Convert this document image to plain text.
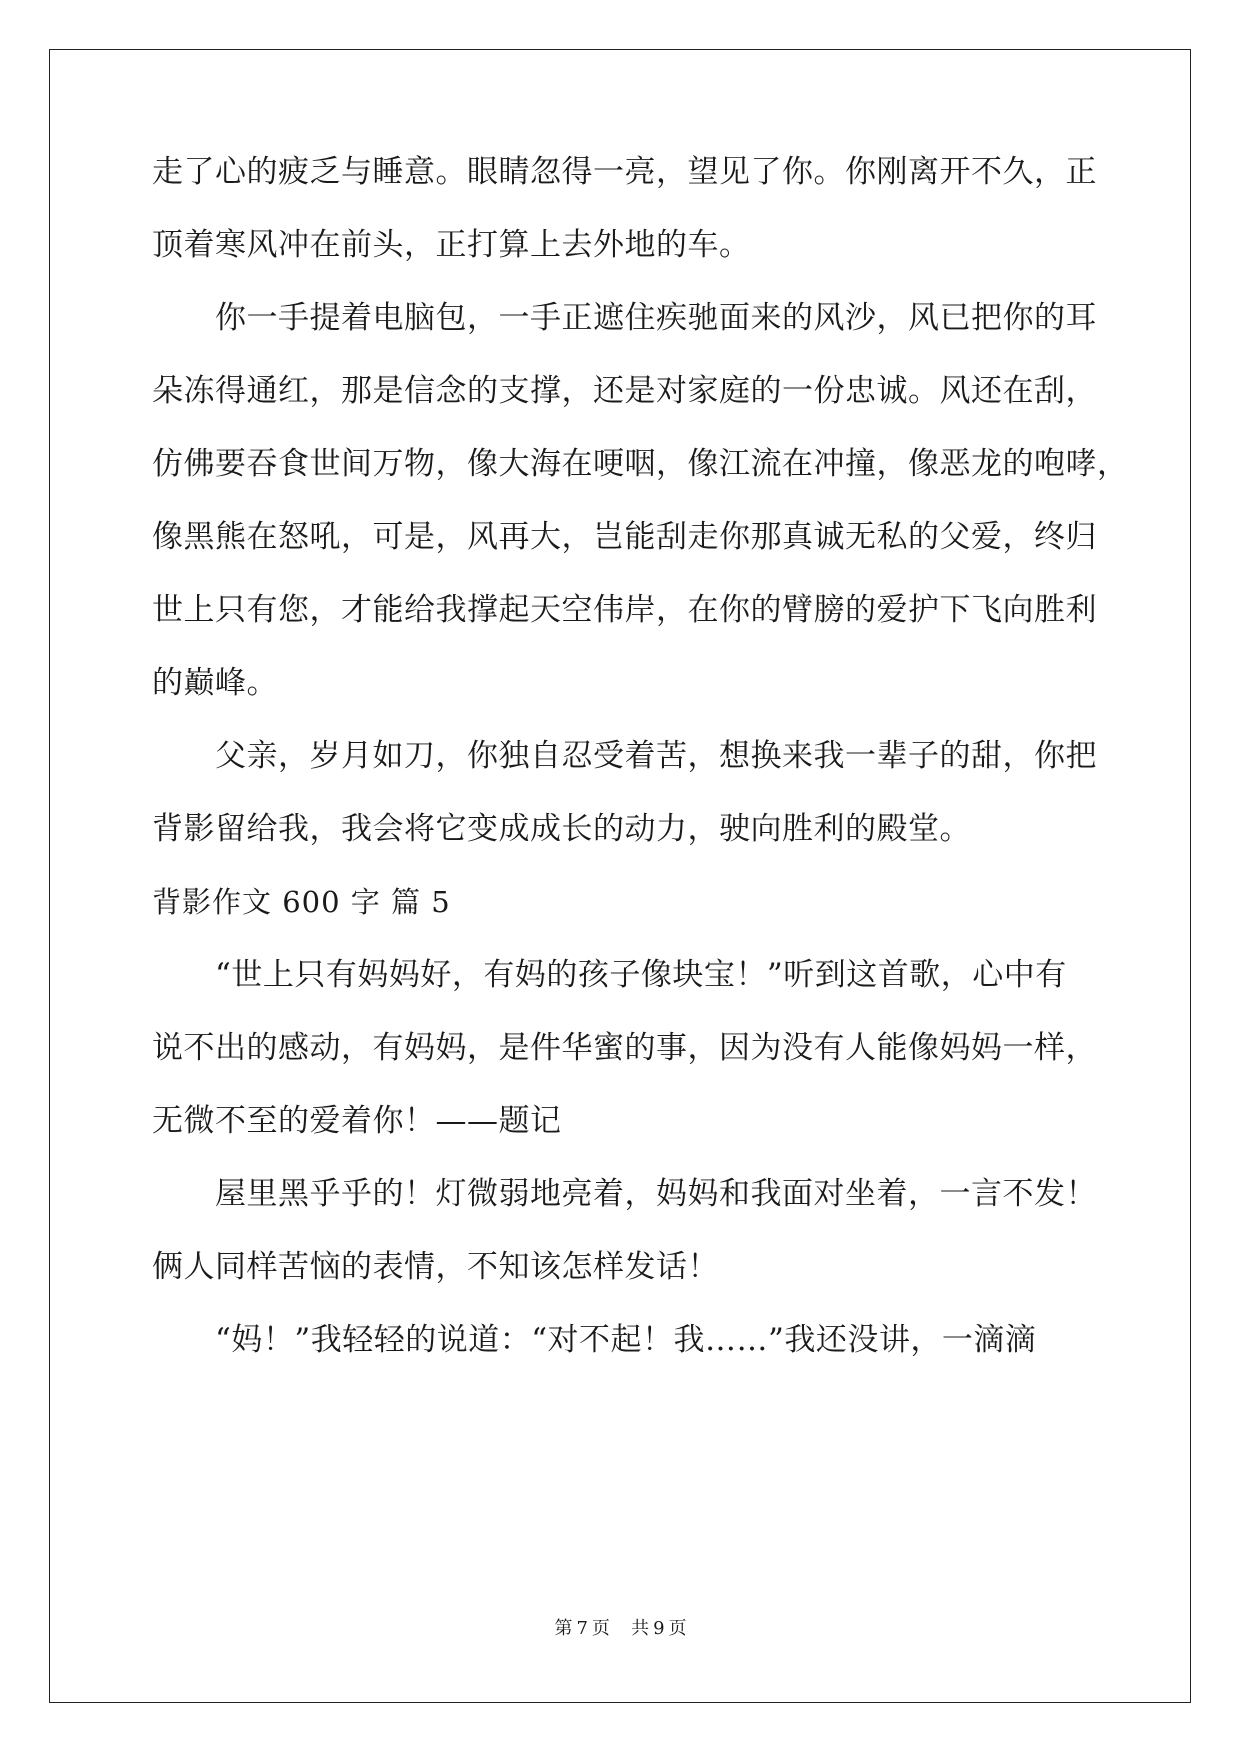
走了心的疲乏与睡意。眼睛忽得一亮，望见了你。你刚离开不久，正
顶着寒风冲在前头，正打算上去外地的车。
你一手提着电脑包，一手正遮住疾驰面来的风沙，风已把你的耳
朵冻得通红，那是信念的支撑，还是对家庭的一份忠诚。风还在刮，
仿佛要吞食世间万物，像大海在哽咽，像江流在冲撞，像恶龙的咆哮，
像黑熊在怒吼，可是，风再大，岂能刮走你那真诚无私的父爱，终归
世上只有您，才能给我撑起天空伟岸，在你的臂膀的爱护下飞向胜利
的巅峰。
父亲，岁月如刀，你独自忍受着苦，想换来我一辈子的甜，你把
背影留给我，我会将它变成成长的动力，驶向胜利的殿堂。
背影作文 600 字 篇 5
“世上只有妈妈好，有妈的孩子像块宝！”听到这首歌，心中有
说不出的感动，有妈妈，是件华蜜的事，因为没有人能像妈妈一样，
无微不至的爱着你！——题记
屋里黑乎乎的！灯微弱地亮着，妈妈和我面对坐着，一言不发！
俩人同样苦恼的表情，不知该怎样发话！
“妈！”我轻轻的说道：“对不起！我……”我还没讲，一滴滴
第 7 页 共 9 页
